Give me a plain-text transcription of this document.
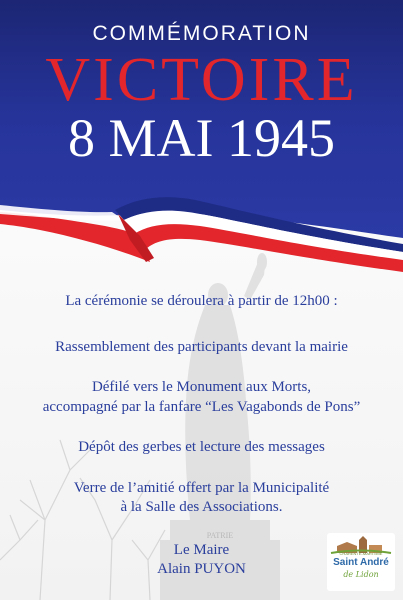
PATRIE
COMMÉMORATION
VICTOIRE
8 MAI 1945

La cérémonie se déroulera à partir de 12h00 :

Rassemblement des participants devant la mairie

Défilé vers le Monument aux Morts,

accompagné par la fanfare “Les Vagabonds de Pons”

Dépôt des gerbes et lecture des messages

Verre de l’amitié offert par la Municipalité

à la Salle des Associations.

Le Maire

Alain PUYON

CHARENTE-MARITIME
Saint André
de Lidon
